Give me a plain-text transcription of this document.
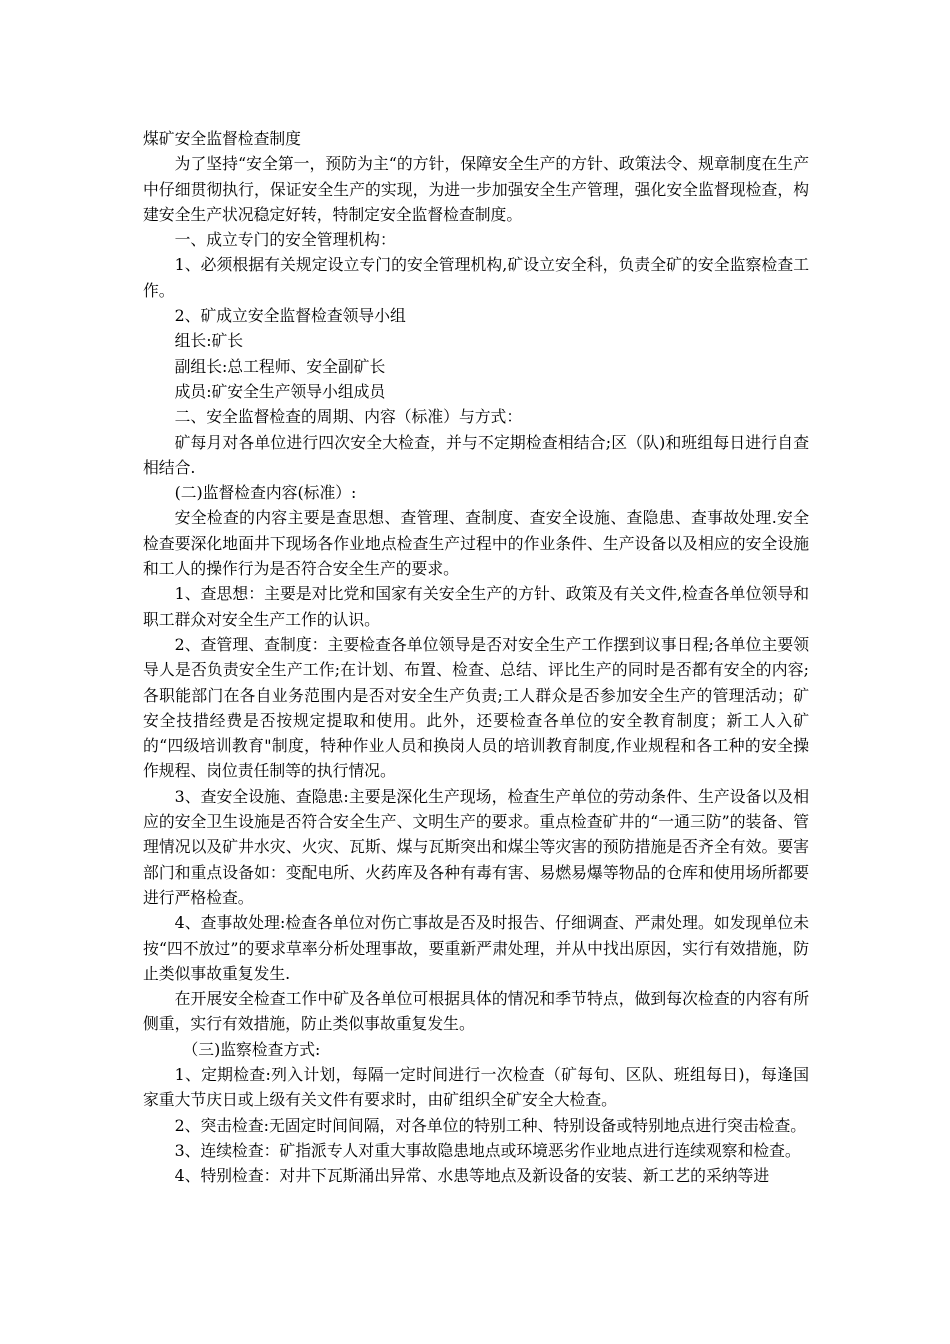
煤矿安全监督检查制度

为了坚持“安全第一，预防为主“的方针，保障安全生产的方针、政策法令、规章制度在生产中仔细贯彻执行，保证安全生产的实现，为进一步加强安全生产管理，强化安全监督现检查，构建安全生产状况稳定好转，特制定安全监督检查制度。

一、成立专门的安全管理机构：

1、必须根据有关规定设立专门的安全管理机构,矿设立安全科，负责全矿的安全监察检查工作。

2、矿成立安全监督检查领导小组

组长:矿长

副组长:总工程师、安全副矿长

成员:矿安全生产领导小组成员

二、安全监督检查的周期、内容（标准）与方式：

矿每月对各单位进行四次安全大检查，并与不定期检查相结合;区（队)和班组每日进行自查相结合.

(二)监督检查内容(标准）:

安全检查的内容主要是查思想、查管理、查制度、查安全设施、查隐患、查事故处理.安全检查要深化地面井下现场各作业地点检查生产过程中的作业条件、生产设备以及相应的安全设施和工人的操作行为是否符合安全生产的要求。

1、查思想：主要是对比党和国家有关安全生产的方针、政策及有关文件,检查各单位领导和职工群众对安全生产工作的认识。

2、查管理、查制度：主要检查各单位领导是否对安全生产工作摆到议事日程;各单位主要领导人是否负责安全生产工作;在计划、布置、检查、总结、评比生产的同时是否都有安全的内容;各职能部门在各自业务范围内是否对安全生产负责;工人群众是否参加安全生产的管理活动；矿安全技措经费是否按规定提取和使用。此外，还要检查各单位的安全教育制度；新工人入矿的“四级培训教育"制度，特种作业人员和换岗人员的培训教育制度,作业规程和各工种的安全操作规程、岗位责任制等的执行情况。

3、查安全设施、查隐患:主要是深化生产现场，检查生产单位的劳动条件、生产设备以及相应的安全卫生设施是否符合安全生产、文明生产的要求。重点检查矿井的“一通三防”的装备、管理情况以及矿井水灾、火灾、瓦斯、煤与瓦斯突出和煤尘等灾害的预防措施是否齐全有效。要害部门和重点设备如：变配电所、火药库及各种有毒有害、易燃易爆等物品的仓库和使用场所都要进行严格检查。

4、查事故处理:检查各单位对伤亡事故是否及时报告、仔细调查、严肃处理。如发现单位未按“四不放过”的要求草率分析处理事故，要重新严肃处理，并从中找出原因，实行有效措施，防止类似事故重复发生.

在开展安全检查工作中矿及各单位可根据具体的情况和季节特点，做到每次检查的内容有所侧重，实行有效措施，防止类似事故重复发生。

（三)监察检查方式:

1、定期检查:列入计划，每隔一定时间进行一次检查（矿每旬、区队、班组每日)，每逢国家重大节庆日或上级有关文件有要求时，由矿组织全矿安全大检查。

2、突击检查:无固定时间间隔，对各单位的特别工种、特别设备或特别地点进行突击检查。

3、连续检查：矿指派专人对重大事故隐患地点或环境恶劣作业地点进行连续观察和检查。

4、特别检查：对井下瓦斯涌出异常、水患等地点及新设备的安装、新工艺的采纳等进
